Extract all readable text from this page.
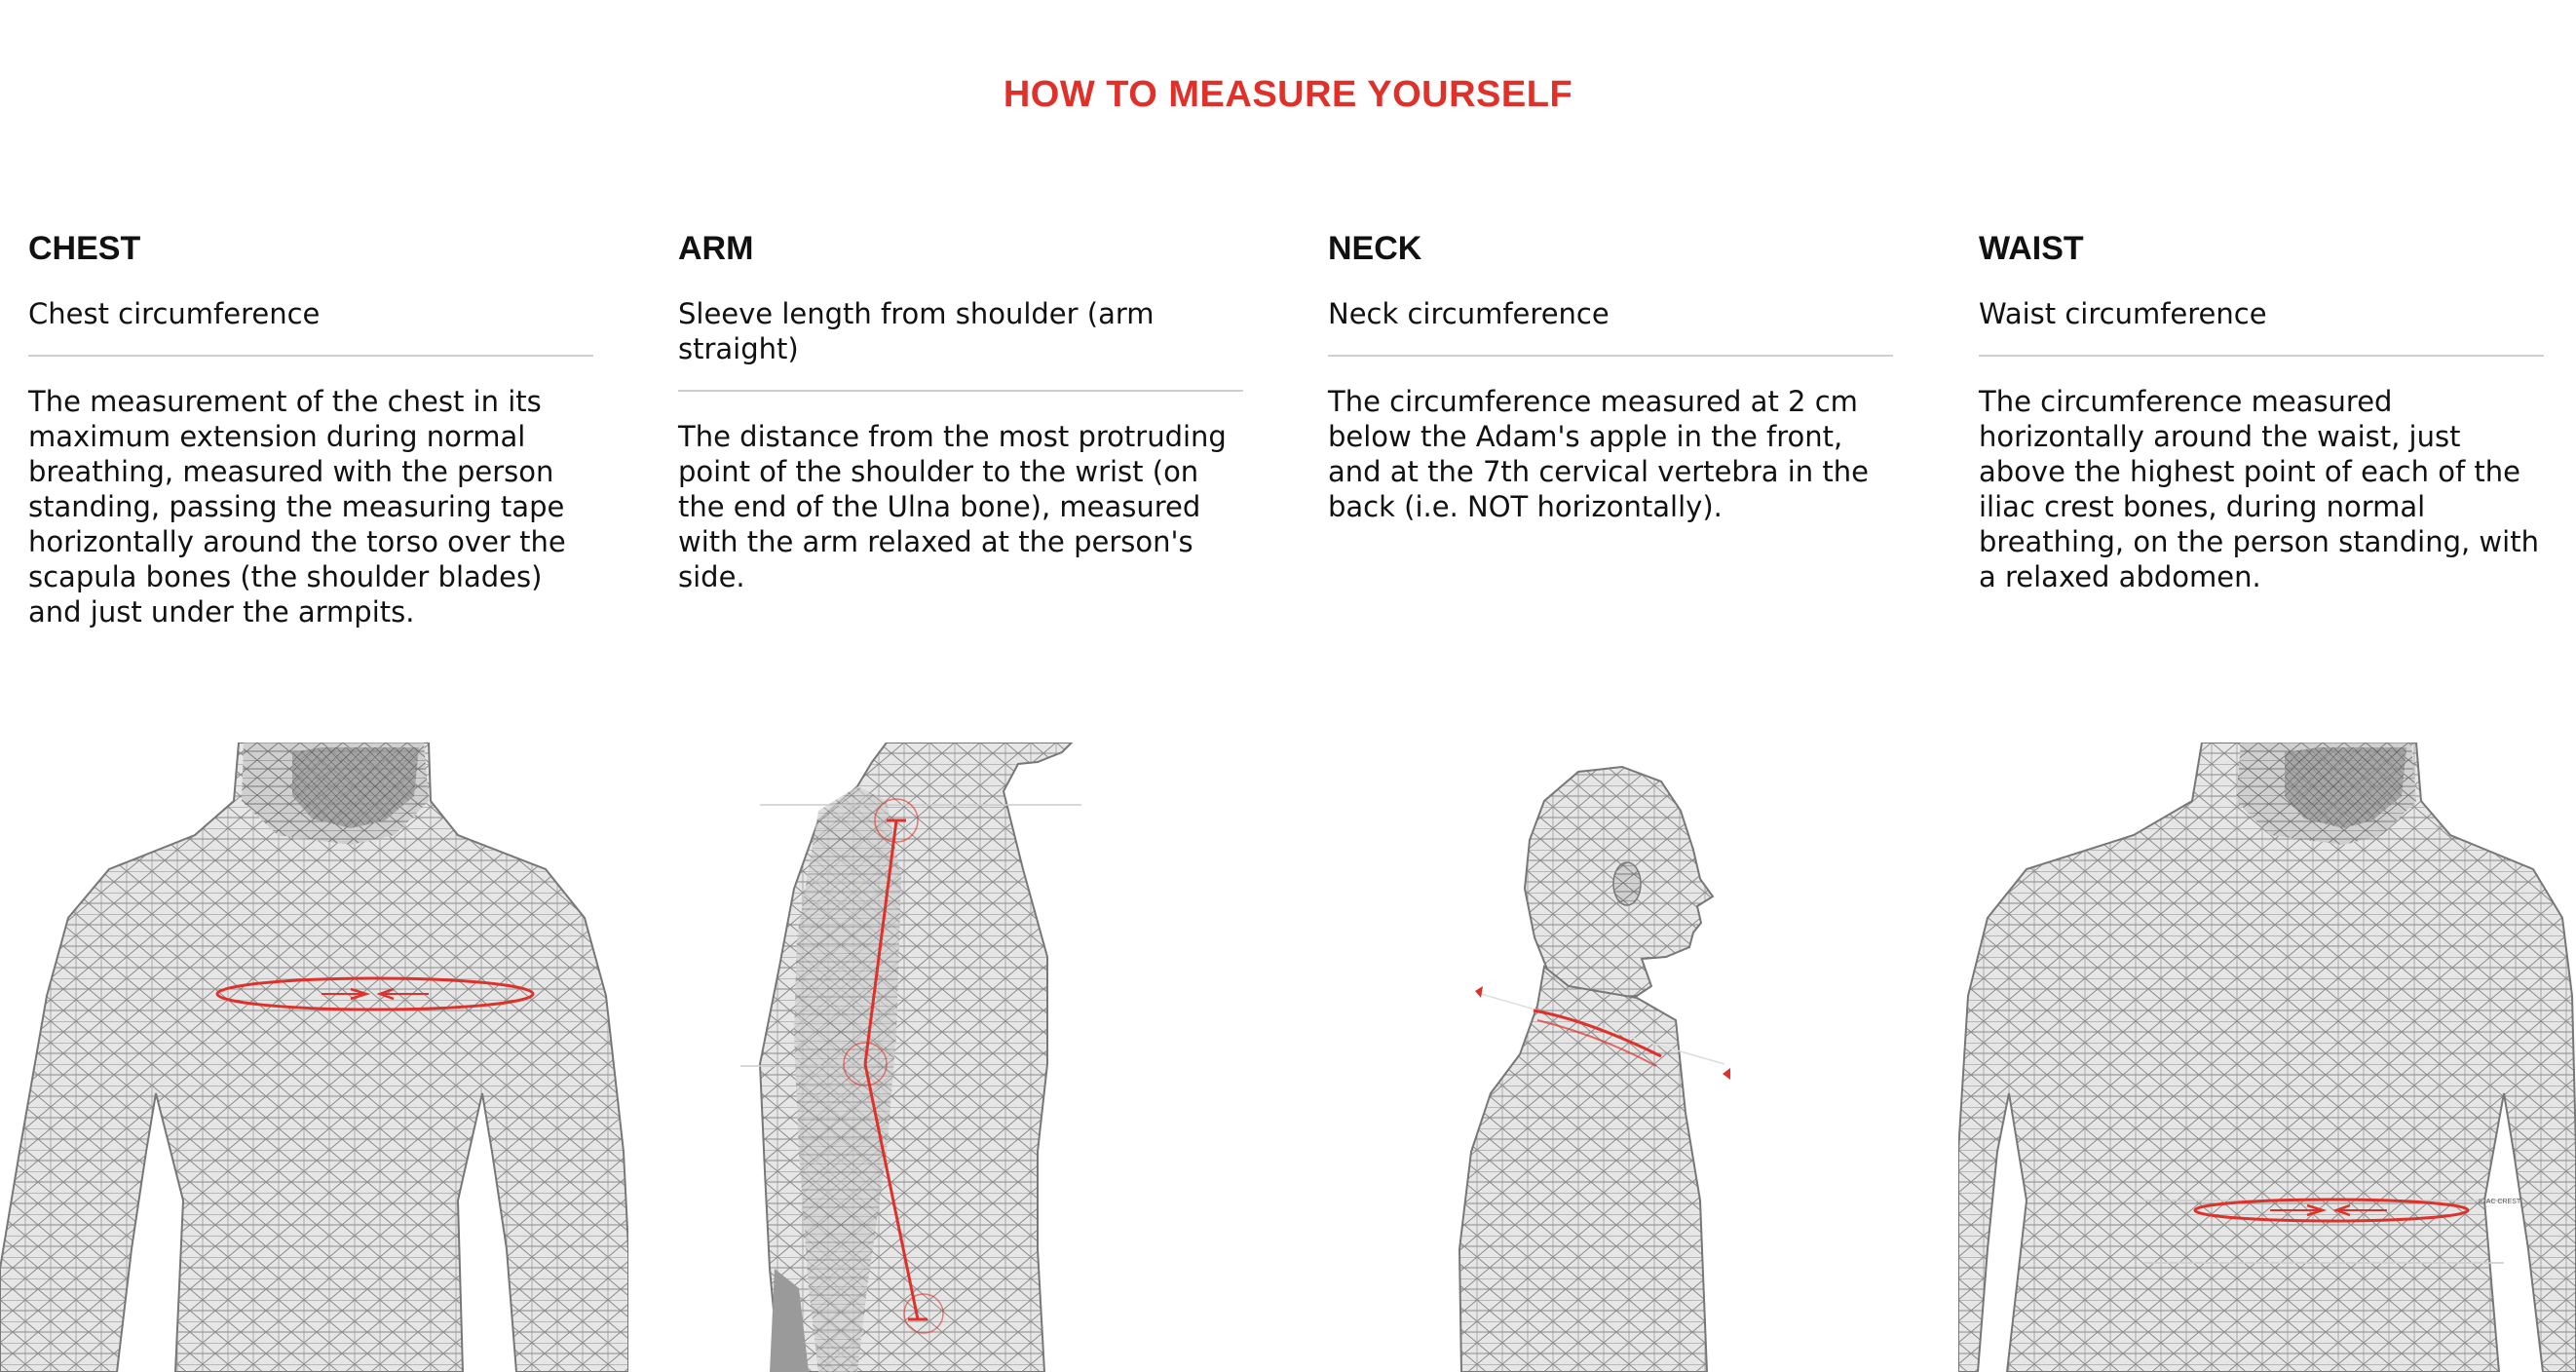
HOW TO MEASURE YOURSELF
CHEST
Chest circumference
The measurement of the chest in its maximum extension during normal breathing, measured with the person standing, passing the measuring tape horizontally around the torso over the scapula bones (the shoulder blades) and just under the armpits.
ARM
Sleeve length from shoulder (arm straight)
The distance from the most protruding point of the shoulder to the wrist (on the end of the Ulna bone), measured with the arm relaxed at the person's side.
NECK
Neck circumference
The circumference measured at 2 cm below the Adam's apple in the front, and at the 7th cervical vertebra in the back (i.e. NOT horizontally).
WAIST
Waist circumference
The circumference measured horizontally around the waist, just above the highest point of each of the iliac crest bones, during normal breathing, on the person standing, with a relaxed abdomen.
ILIAC CREST
